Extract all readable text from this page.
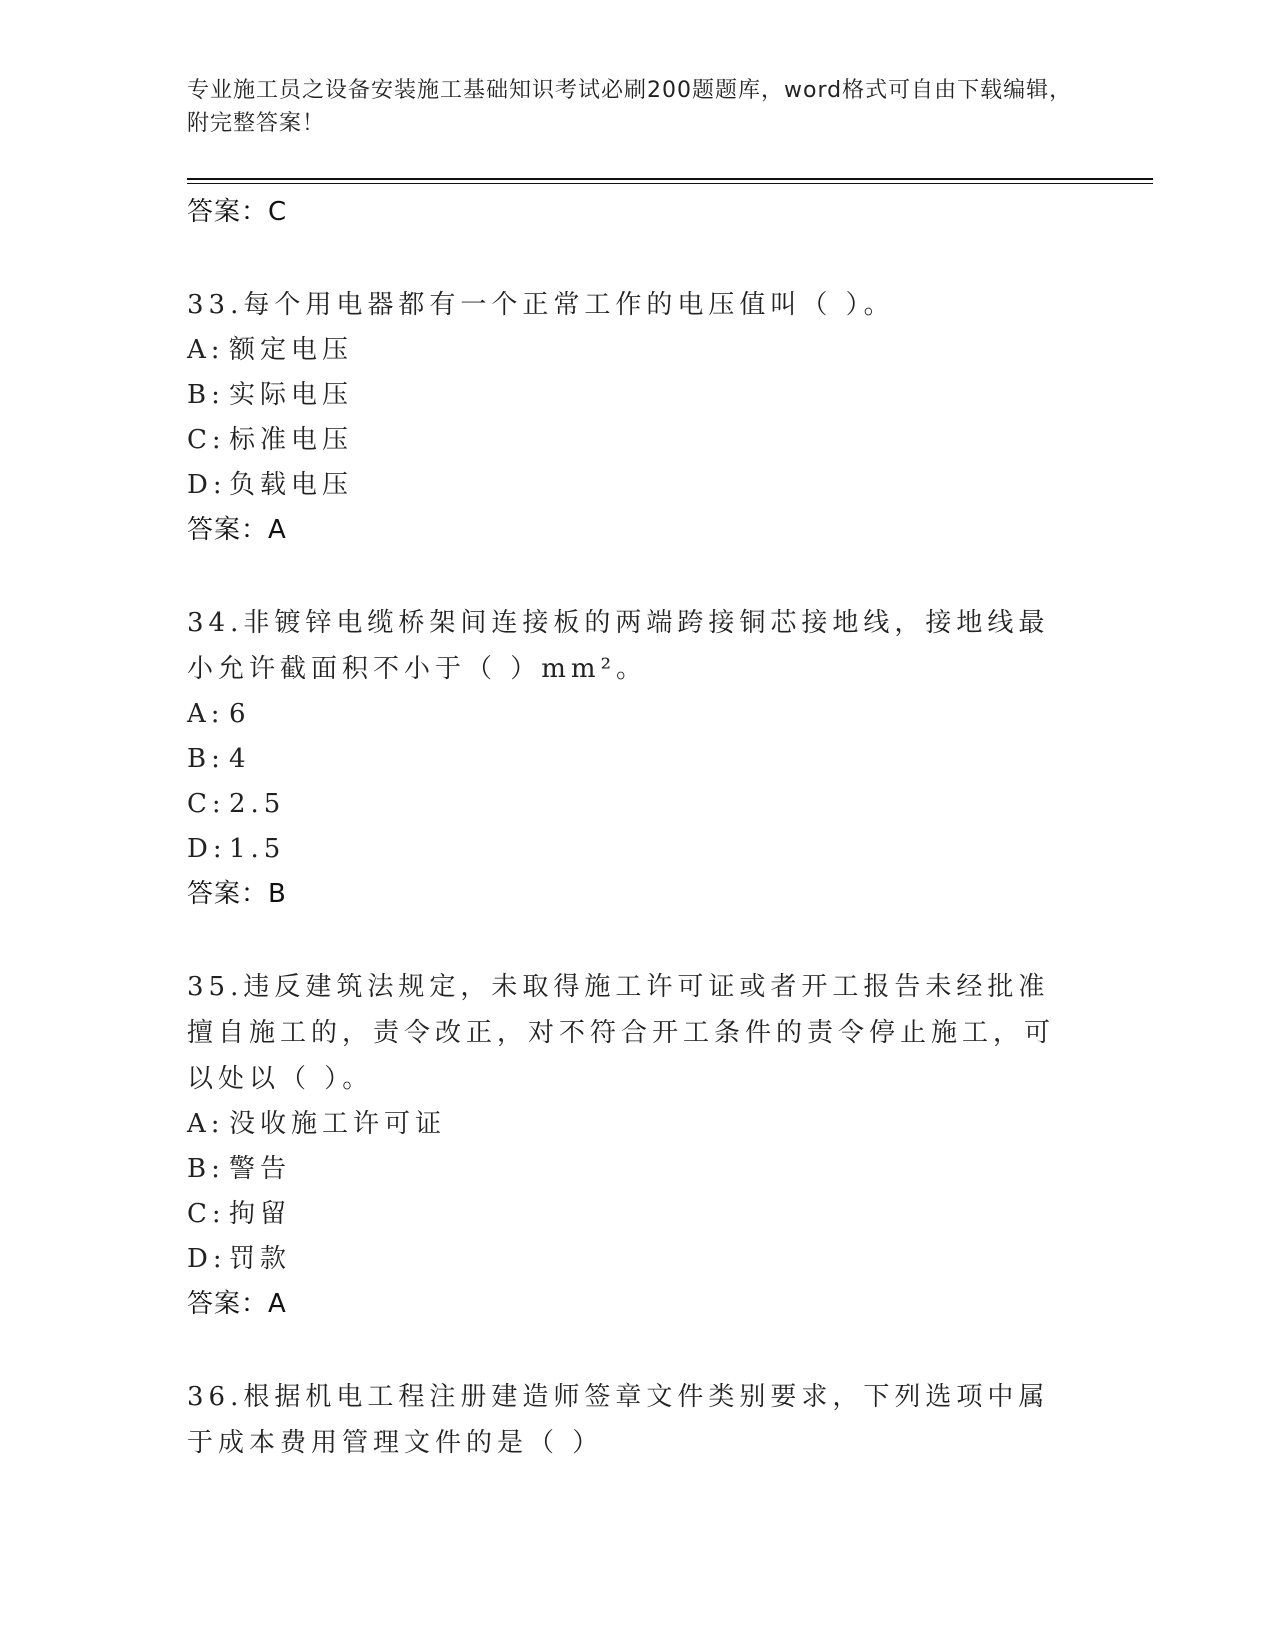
专业施工员之设备安装施工基础知识考试必刷200题题库，word格式可自由下载编辑，附完整答案！
答案：C
33.每个用电器都有一个正常工作的电压值叫（ ）。
A: 额定电压
B: 实际电压
C: 标准电压
D:负载电压
答案：A
34.非镀锌电缆桥架间连接板的两端跨接铜芯接地线，接地线最小允许截面积不小于（ ）mm²。
A: 6
B: 4
C: 2.5
D:1.5
答案：B
35.违反建筑法规定，未取得施工许可证或者开工报告未经批准擅自施工的，责令改正，对不符合开工条件的责令停止施工，可以处以（ ）。
A: 没收施工许可证
B: 警告
C: 拘留
D:罚款
答案：A
36.根据机电工程注册建造师签章文件类别要求，下列选项中属于成本费用管理文件的是（ ）
